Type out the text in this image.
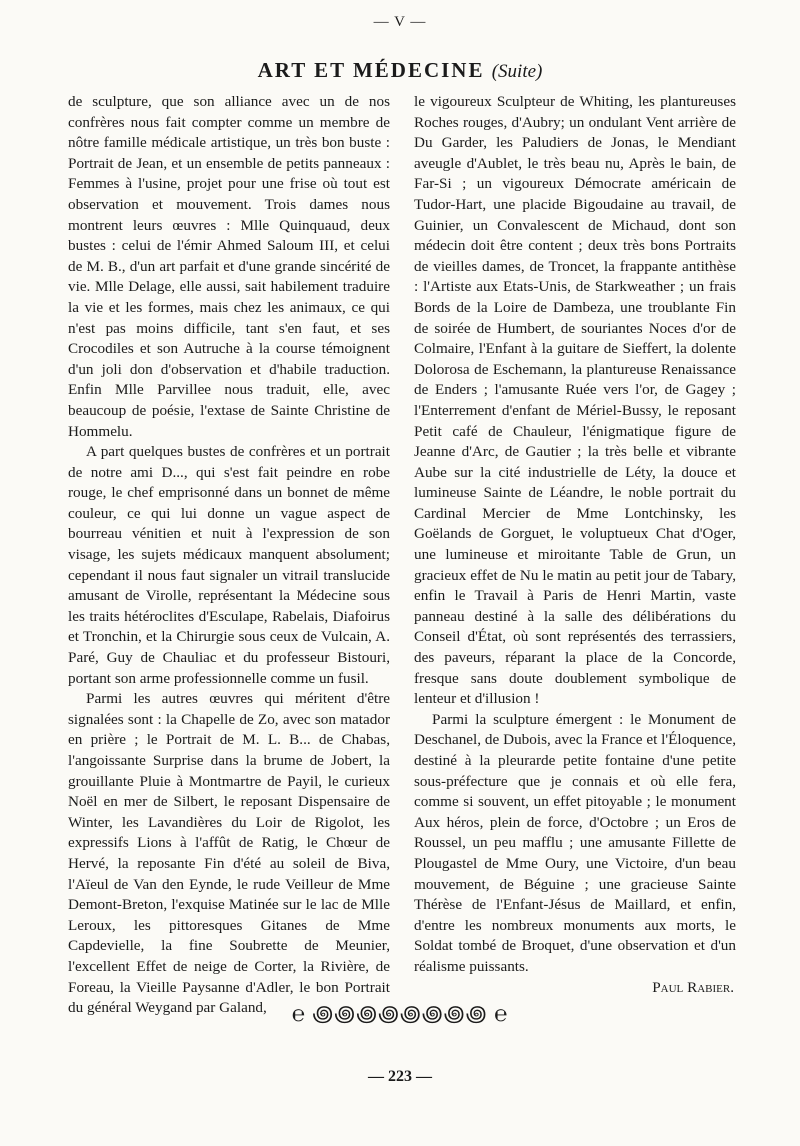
— V —
ART ET MÉDECINE (Suite)

de sculpture, que son alliance avec un de nos confrères nous fait compter comme un membre de nôtre famille médicale artistique, un très bon buste : Portrait de Jean, et un ensemble de petits panneaux : Femmes à l'usine, projet pour une frise où tout est observation et mouvement. Trois dames nous montrent leurs œuvres : Mlle Quinquaud, deux bustes : celui de l'émir Ahmed Saloum III, et celui de M. B., d'un art parfait et d'une grande sincérité de vie. Mlle Delage, elle aussi, sait habilement traduire la vie et les formes, mais chez les animaux, ce qui n'est pas moins difficile, tant s'en faut, et ses Crocodiles et son Autruche à la course témoignent d'un joli don d'observation et d'habile traduction. Enfin Mlle Parvillee nous traduit, elle, avec beaucoup de poésie, l'extase de Sainte Christine de Hommelu.

A part quelques bustes de confrères et un portrait de notre ami D..., qui s'est fait peindre en robe rouge, le chef emprisonné dans un bonnet de même couleur, ce qui lui donne un vague aspect de bourreau vénitien et nuit à l'expression de son visage, les sujets médicaux manquent absolument; cependant il nous faut signaler un vitrail translucide amusant de Virolle, représentant la Médecine sous les traits hétéroclites d'Esculape, Rabelais, Diafoirus et Tronchin, et la Chirurgie sous ceux de Vulcain, A. Paré, Guy de Chauliac et du professeur Bistouri, portant son arme professionnelle comme un fusil.

Parmi les autres œuvres qui méritent d'être signalées sont : la Chapelle de Zo, avec son matador en prière ; le Portrait de M. L. B... de Chabas, l'angoissante Surprise dans la brume de Jobert, la grouillante Pluie à Montmartre de Payil, le curieux Noël en mer de Silbert, le reposant Dispensaire de Winter, les Lavandières du Loir de Rigolot, les expressifs Lions à l'affût de Ratig, le Chœur de Hervé, la reposante Fin d'été au soleil de Biva, l'Aïeul de Van den Eynde, le rude Veilleur de Mme Demont-Breton, l'exquise Matinée sur le lac de Mlle Leroux, les pittoresques Gitanes de Mme Capdevielle, la fine Soubrette de Meunier, l'excellent Effet de neige de Corter, la Rivière, de Foreau, la Vieille Paysanne d'Adler, le bon Portrait du général Weygand par Galand,

le vigoureux Sculpteur de Whiting, les plantureuses Roches rouges, d'Aubry; un ondulant Vent arrière de Du Garder, les Paludiers de Jonas, le Mendiant aveugle d'Aublet, le très beau nu, Après le bain, de Far-Si ; un vigoureux Démocrate américain de Tudor-Hart, une placide Bigoudaine au travail, de Guinier, un Convalescent de Michaud, dont son médecin doit être content ; deux très bons Portraits de vieilles dames, de Troncet, la frappante antithèse : l'Artiste aux Etats-Unis, de Starkweather ; un frais Bords de la Loire de Dambeza, une troublante Fin de soirée de Humbert, de souriantes Noces d'or de Colmaire, l'Enfant à la guitare de Sieffert, la dolente Dolorosa de Eschemann, la plantureuse Renaissance de Enders ; l'amusante Ruée vers l'or, de Gagey ; l'Enterrement d'enfant de Mériel-Bussy, le reposant Petit café de Chauleur, l'énigmatique figure de Jeanne d'Arc, de Gautier ; la très belle et vibrante Aube sur la cité industrielle de Léty, la douce et lumineuse Sainte de Léandre, le noble portrait du Cardinal Mercier de Mme Lontchinsky, les Goëlands de Gorguet, le voluptueux Chat d'Oger, une lumineuse et miroitante Table de Grun, un gracieux effet de Nu le matin au petit jour de Tabary, enfin le Travail à Paris de Henri Martin, vaste panneau destiné à la salle des délibérations du Conseil d'État, où sont représentés des terrassiers, des paveurs, réparant la place de la Concorde, fresque sans doute doublement symbolique de lenteur et d'illusion !

Parmi la sculpture émergent : le Monument de Deschanel, de Dubois, avec la France et l'Éloquence, destiné à la pleurarde petite fontaine d'une petite sous-préfecture que je connais et où elle fera, comme si souvent, un effet pitoyable ; le monument Aux héros, plein de force, d'Octobre ; un Eros de Roussel, un peu mafflu ; une amusante Fillette de Plougastel de Mme Oury, une Victoire, d'un beau mouvement, de Béguine ; une gracieuse Sainte Thérèse de l'Enfant-Jésus de Maillard, et enfin, d'entre les nombreux monuments aux morts, le Soldat tombé de Broquet, d'une observation et d'un réalisme puissants.

Paul Rabier.

℮ ꩜꩜꩜꩜꩜꩜꩜꩜ ℮
— 223 —
